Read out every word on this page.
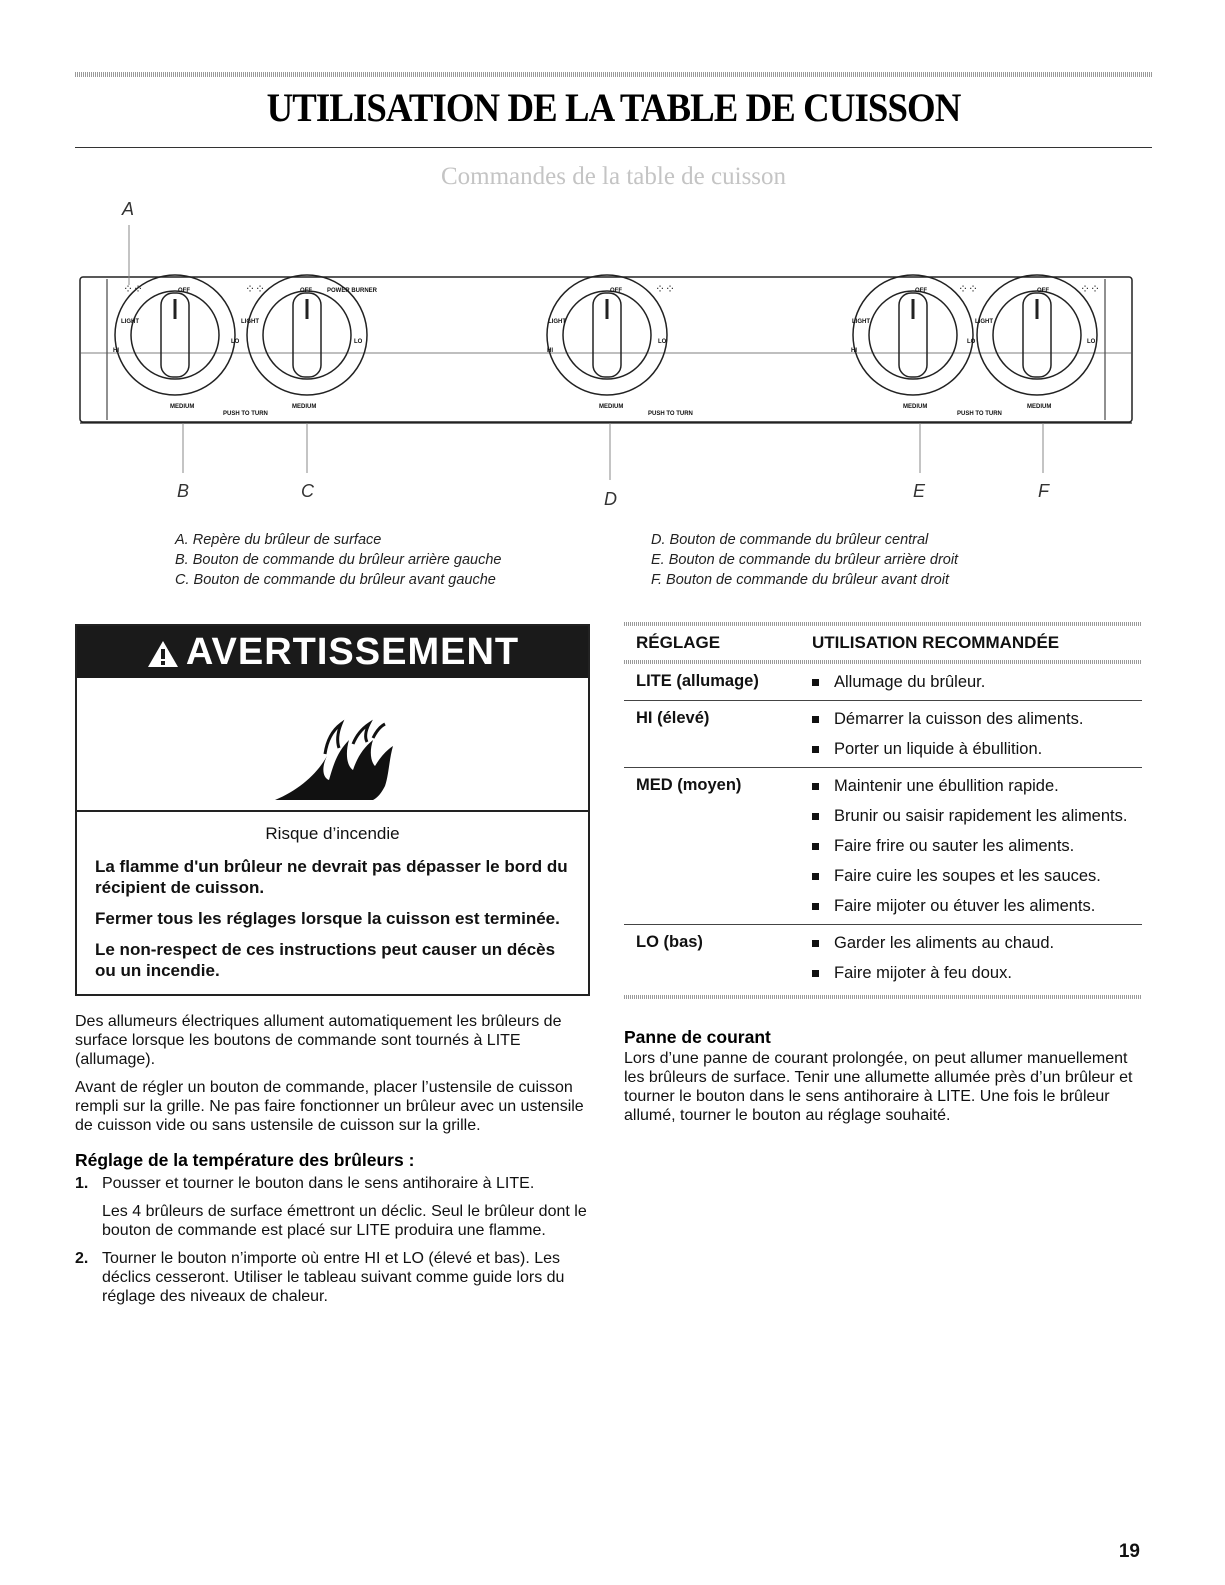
UTILISATION DE LA TABLE DE CUISSON
Commandes de la table de cuisson
⁘⁘	⁘⁘	⁘⁘	⁘⁘	⁘⁘
OFF	OFF	POWER BURNER	OFF	OFF	OFF
LIGHT	LIGHT	LIGHT	LIGHT	LIGHT
LO	LO	LO	LO	LO
HI	HI	HI
MEDIUM	MEDIUM	MEDIUM	MEDIUM	MEDIUM
PUSH TO TURN	PUSH TO TURN	PUSH TO TURN
A
B	C	D	E	F
A. Repère du brûleur de surface
B. Bouton de commande du brûleur arrière gauche
C. Bouton de commande du brûleur avant gauche
D. Bouton de commande du brûleur central
E. Bouton de commande du brûleur arrière droit
F. Bouton de commande du brûleur avant droit
AVERTISSEMENT
Risque d’incendie
La flamme d'un brûleur ne devrait pas dépasser le bord du récipient de cuisson.
Fermer tous les réglages lorsque la cuisson est terminée.
Le non-respect de ces instructions peut causer un décès ou un incendie.

Des allumeurs électriques allument automatiquement les brûleurs de surface lorsque les boutons de commande sont tournés à LITE (allumage).

Avant de régler un bouton de commande, placer l’ustensile de cuisson rempli sur la grille. Ne pas faire fonctionner un brûleur avec un ustensile de cuisson vide ou sans ustensile de cuisson sur la grille.

Réglage de la température des brûleurs :
1. Pousser et tourner le bouton dans le sens antihoraire à LITE.
Les 4 brûleurs de surface émettront un déclic. Seul le brûleur dont le bouton de commande est placé sur LITE produira une flamme.
2. Tourner le bouton n’importe où entre HI et LO (élevé et bas). Les déclics cesseront. Utiliser le tableau suivant comme guide lors du réglage des niveaux de chaleur.
RÉGLAGE	UTILISATION RECOMMANDÉE
LITE (allumage)	Allumage du brûleur.
HI (élevé)	Démarrer la cuisson des aliments.
Porter un liquide à ébullition.
MED (moyen)	Maintenir une ébullition rapide.
Brunir ou saisir rapidement les aliments.
Faire frire ou sauter les aliments.
Faire cuire les soupes et les sauces.
Faire mijoter ou étuver les aliments.
LO (bas)	Garder les aliments au chaud.
Faire mijoter à feu doux.
Panne de courant
Lors d’une panne de courant prolongée, on peut allumer manuellement les brûleurs de surface. Tenir une allumette allumée près d’un brûleur et tourner le bouton dans le sens antihoraire à LITE. Une fois le brûleur allumé, tourner le bouton au réglage souhaité.
19
